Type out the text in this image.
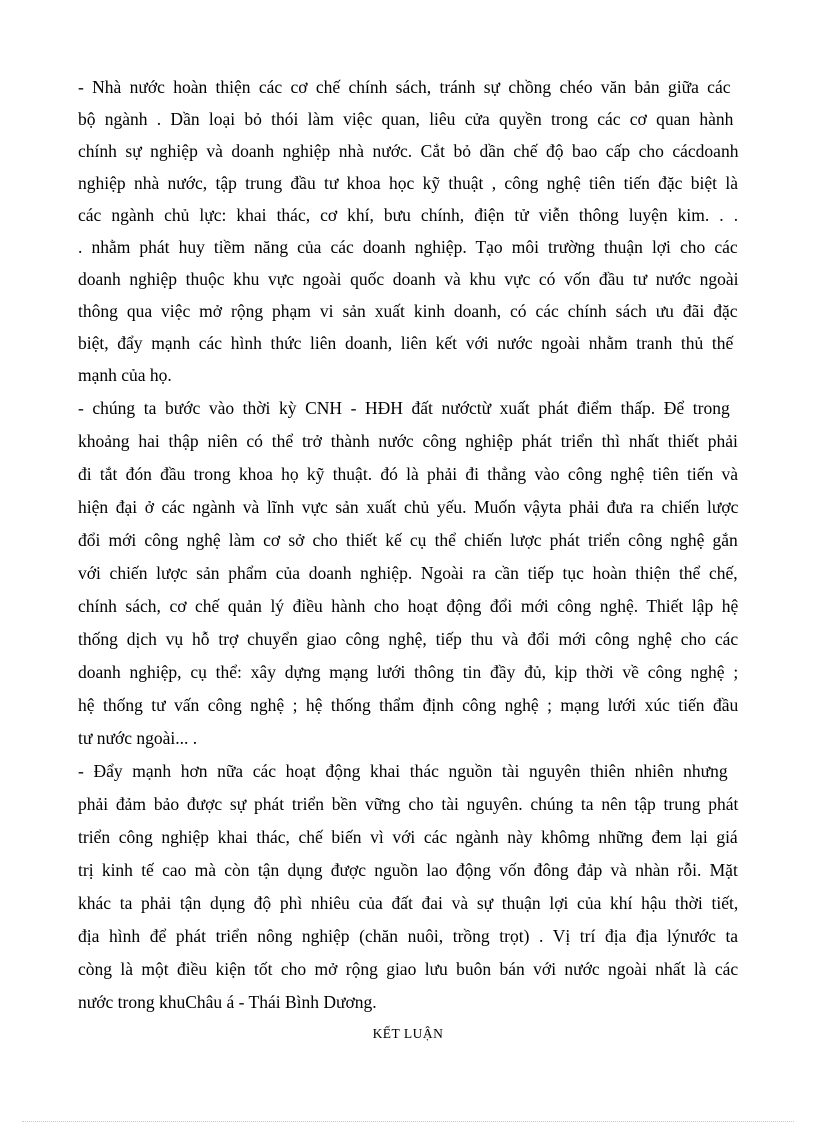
- Nhà nước hoàn thiện các cơ chế chính sách, tránh sự chồng chéo văn bản giữa các
bộ ngành . Dần loại bỏ thói làm việc quan, liêu cửa quyền trong các cơ quan hành
chính sự nghiệp và doanh nghiệp nhà nước. Cắt bỏ dần chế độ bao cấp cho cácdoanh
nghiệp nhà nước, tập trung đầu tư khoa học kỹ thuật , công nghệ tiên tiến đặc biệt là
các ngành chủ lực: khai thác, cơ khí, bưu chính, điện tử viễn thông luyện kim. . .
. nhằm phát huy tiềm năng của các doanh nghiệp. Tạo môi trường thuận lợi cho các
doanh nghiệp thuộc khu vực ngoài quốc doanh và khu vực có vốn đầu tư nước ngoài
thông qua việc mở rộng phạm vi sản xuất kinh doanh, có các chính sách ưu đãi đặc
biệt, đẩy mạnh các hình thức liên doanh, liên kết với nước ngoài nhằm tranh thủ thế
mạnh của họ.
- chúng ta bước vào thời kỳ CNH - HĐH đất nướctừ xuất phát điểm thấp. Để trong
khoảng hai thập niên có thể trở thành nước công nghiệp phát triển thì nhất thiết phải
đi tắt đón đầu trong khoa họ kỹ thuật. đó là phải đi thẳng vào công nghệ tiên tiến và
hiện đại ở các ngành và lĩnh vực sản xuất chủ yếu. Muốn vậyta phải đưa ra chiến lược
đổi mới công nghệ làm cơ sở cho thiết kế cụ thể chiến lược phát triển công nghệ gắn
với chiến lược sản phẩm của doanh nghiệp. Ngoài ra cần tiếp tục hoàn thiện thể chế,
chính sách, cơ chế quản lý điều hành cho hoạt động đổi mới công nghệ. Thiết lập hệ
thống dịch vụ hỗ trợ chuyển giao công nghệ, tiếp thu và đổi mới công nghệ cho các
doanh nghiệp, cụ thể: xây dựng mạng lưới thông tin đầy đủ, kịp thời về công nghệ ;
hệ thống tư vấn công nghệ ; hệ thống thẩm định công nghệ ; mạng lưới xúc tiến đầu
tư nước ngoài... .
- Đẩy mạnh hơn nữa các hoạt động khai thác nguồn tài nguyên thiên nhiên nhưng
phải đảm bảo được sự phát triển bền vững cho tài nguyên. chúng ta nên tập trung phát
triển công nghiệp khai thác, chế biến vì với các ngành này khômg những đem lại giá
trị kinh tế cao mà còn tận dụng được nguồn lao động vốn đông đảp và nhàn rỗi. Mặt
khác ta phải tận dụng độ phì nhiêu của đất đai và sự thuận lợi của khí hậu thời tiết,
địa hình để phát triển nông nghiệp (chăn nuôi, trồng trọt) . Vị trí địa địa lýnước ta
còng là một điều kiện tốt cho mở rộng giao lưu buôn bán với nước ngoài nhất là các
nước trong khuChâu á - Thái Bình Dương.
KẾT LUẬN
